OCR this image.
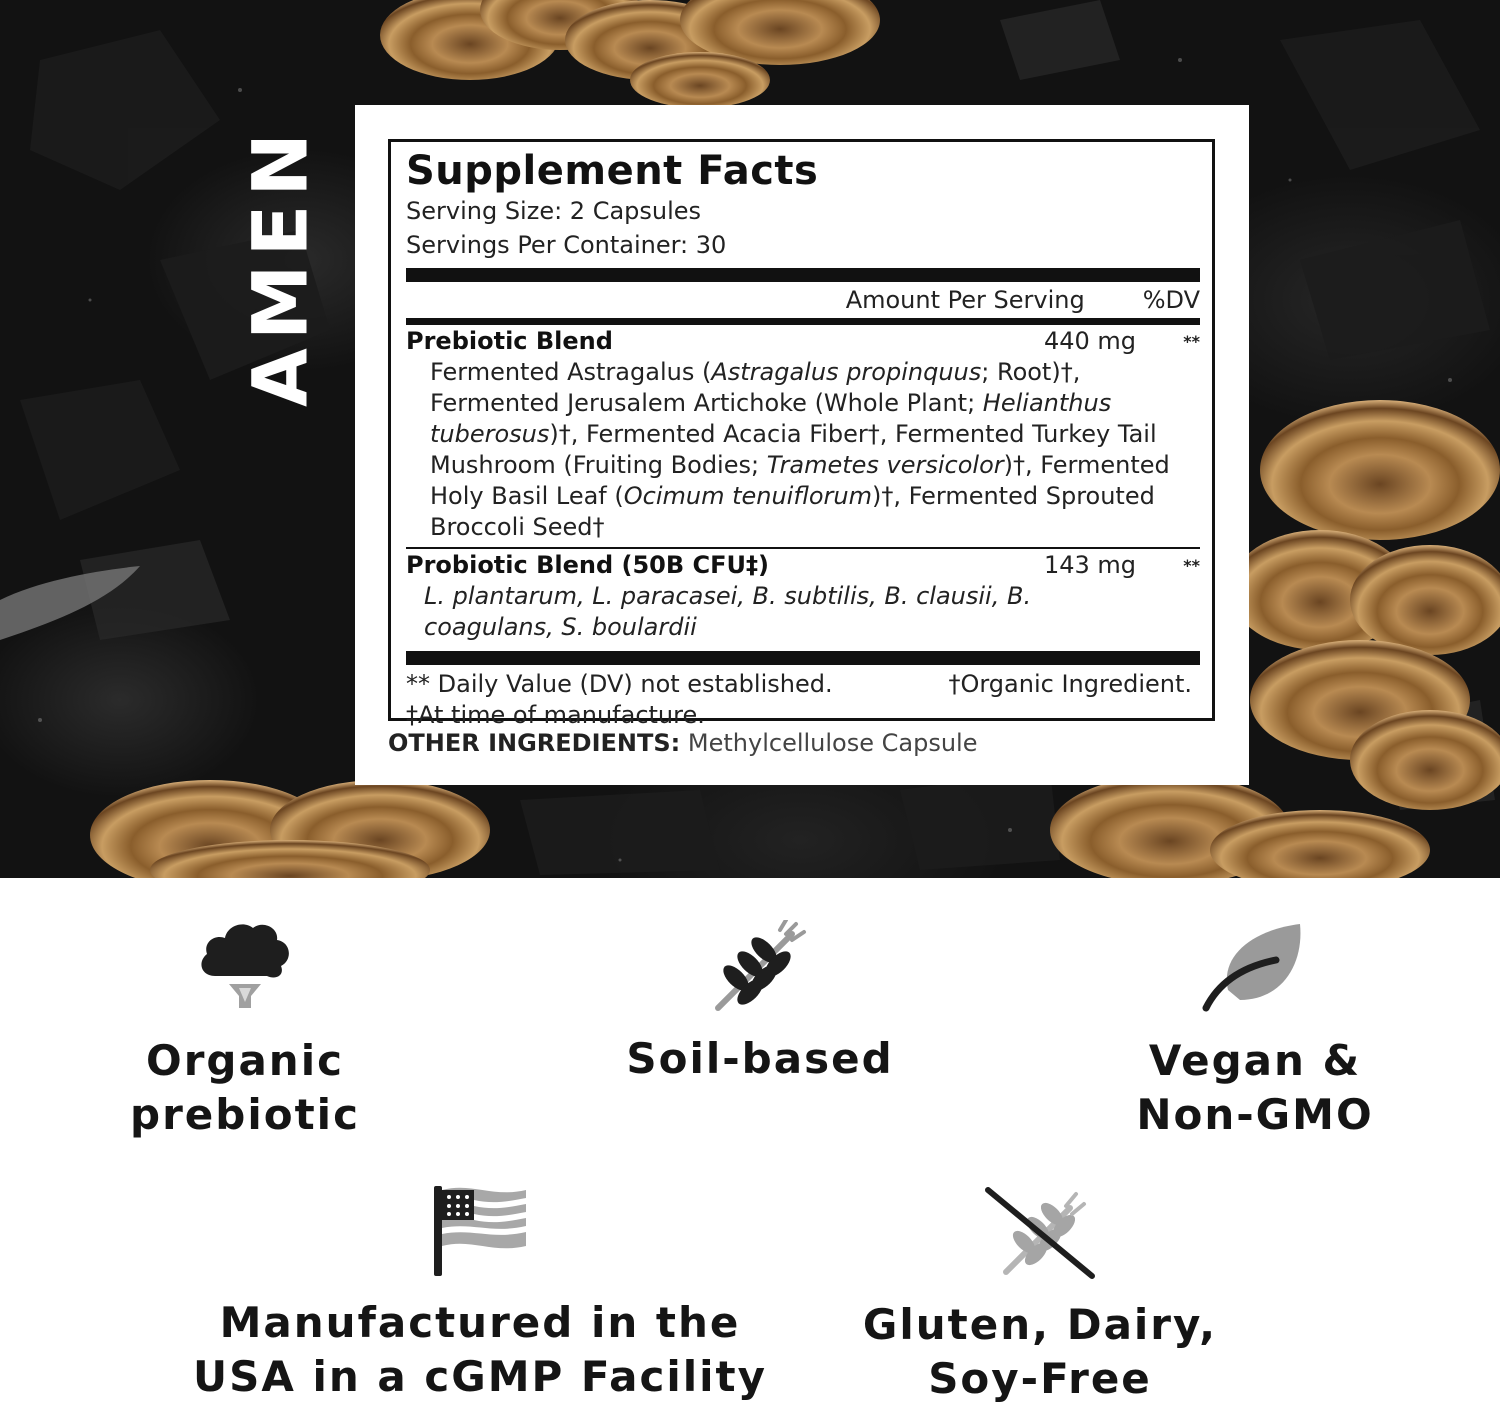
AMEN Supplement Facts
Serving Size: 2 Capsules
Servings Per Container: 30
Amount Per Serving %DV
Prebiotic Blend	440 mg	**
Fermented Astragalus (Astragalus propinquus; Root)†, Fermented Jerusalem Artichoke (Whole Plant; Helianthus tuberosus)†, Fermented Acacia Fiber†, Fermented Turkey Tail Mushroom (Fruiting Bodies; Trametes versicolor)†, Fermented Holy Basil Leaf (Ocimum tenuiflorum)†, Fermented Sprouted Broccoli Seed†
Probiotic Blend (50B CFU‡)	143 mg	**
L. plantarum, L. paracasei, B. subtilis, B. clausii, B. coagulans, S. boulardii
** Daily Value (DV) not established.	†Organic Ingredient.
‡At time of manufacture.
OTHER INGREDIENTS: Methylcellulose Capsule
Organic
prebiotic
Soil-based	Vegan &
Non-GMO
Manufactured in the
USA in a cGMP Facility
Gluten, Dairy,
Soy-Free
